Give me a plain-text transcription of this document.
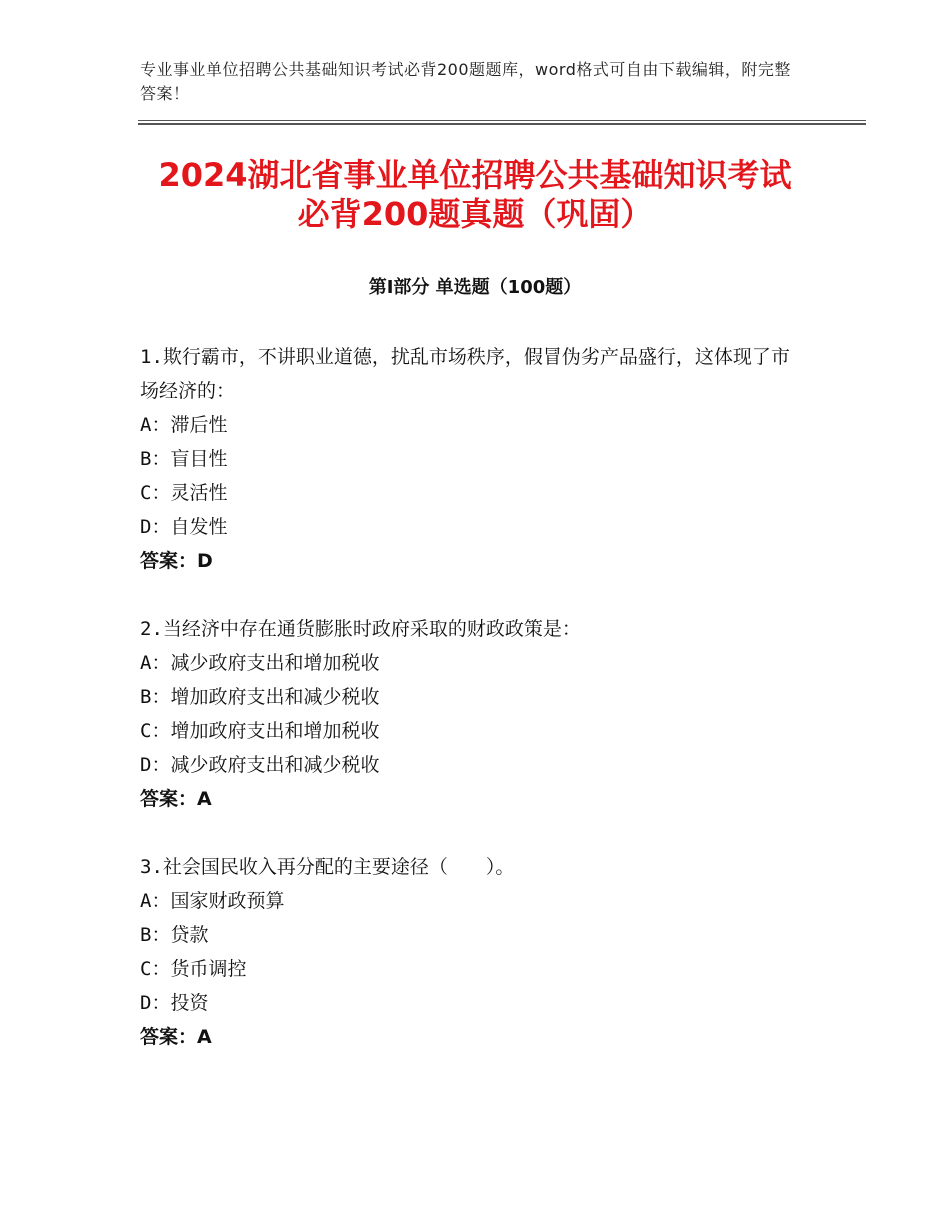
专业事业单位招聘公共基础知识考试必背200题题库，word格式可自由下载编辑，附完整答案！
2024湖北省事业单位招聘公共基础知识考试
必背200题真题（巩固）
第Ⅰ部分 单选题（100题）
1.欺行霸市，不讲职业道德，扰乱市场秩序，假冒伪劣产品盛行，这体现了市场经济的：
A：滞后性
B：盲目性
C：灵活性
D：自发性
答案：D
2.当经济中存在通货膨胀时政府采取的财政政策是：
A：减少政府支出和增加税收
B：增加政府支出和减少税收
C：增加政府支出和增加税收
D：减少政府支出和减少税收
答案：A
3.社会国民收入再分配的主要途径（　　）。
A：国家财政预算
B：贷款
C：货币调控
D：投资
答案：A
